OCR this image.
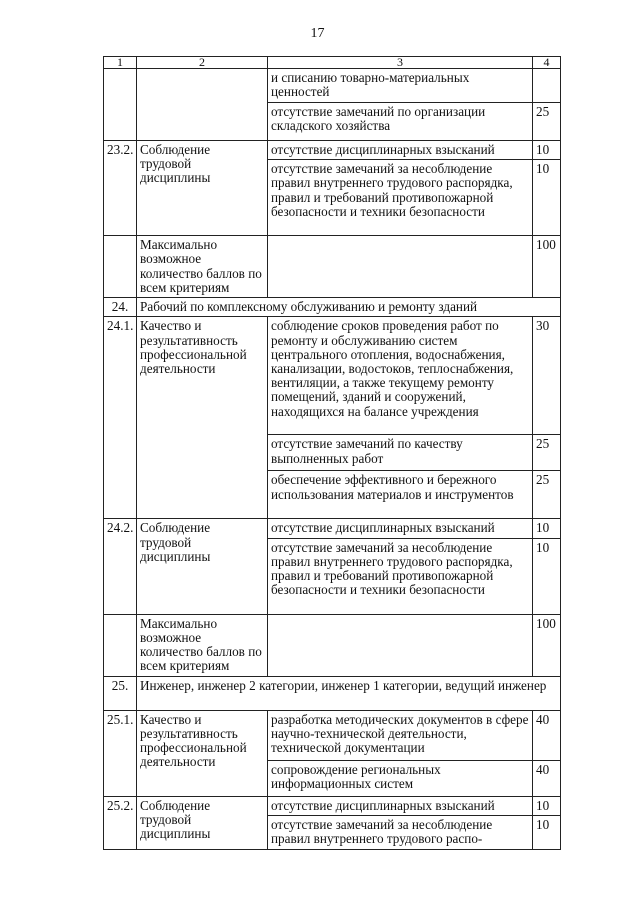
17
1	2	3	4
		и списанию товарно-материальных ценностей	
		отсутствие замечаний по организации складского хозяйства	25
23.2.	Соблюдение трудовой дисциплины	отсутствие дисциплинарных взысканий	10
		отсутствие замечаний за несоблюдение правил внутреннего трудового распорядка, правил и требований противопожарной безопасности и техники безопасности	10
	Максимально возможное количество баллов по всем критериям		100
24.	Рабочий по комплексному обслуживанию и ремонту зданий		
24.1.	Качество и результативность профессиональной деятельности	соблюдение сроков проведения работ по ремонту и обслуживанию систем центрального отопления, водоснабжения, канализации, водостоков, теплоснабжения, вентиляции, а также текущему ремонту помещений, зданий и сооружений, находящихся на балансе учреждения	30
		отсутствие замечаний по качеству выполненных работ	25
		обеспечение эффективного и бережного использования материалов и инструментов	25
24.2.	Соблюдение трудовой дисциплины	отсутствие дисциплинарных взысканий	10
		отсутствие замечаний за несоблюдение правил внутреннего трудового распорядка, правил и требований противопожарной безопасности и техники безопасности	10
	Максимально возможное количество баллов по всем критериям		100
25.	Инженер, инженер 2 категории, инженер 1 категории, ведущий инженер		
25.1.	Качество и результативность профессиональной деятельности	разработка методических документов в сфере научно-технической деятельности, технической документации	40
		сопровождение региональных информационных систем	40
25.2.	Соблюдение трудовой дисциплины	отсутствие дисциплинарных взысканий	10
		отсутствие замечаний за несоблюдение правил внутреннего трудового распо-	10
